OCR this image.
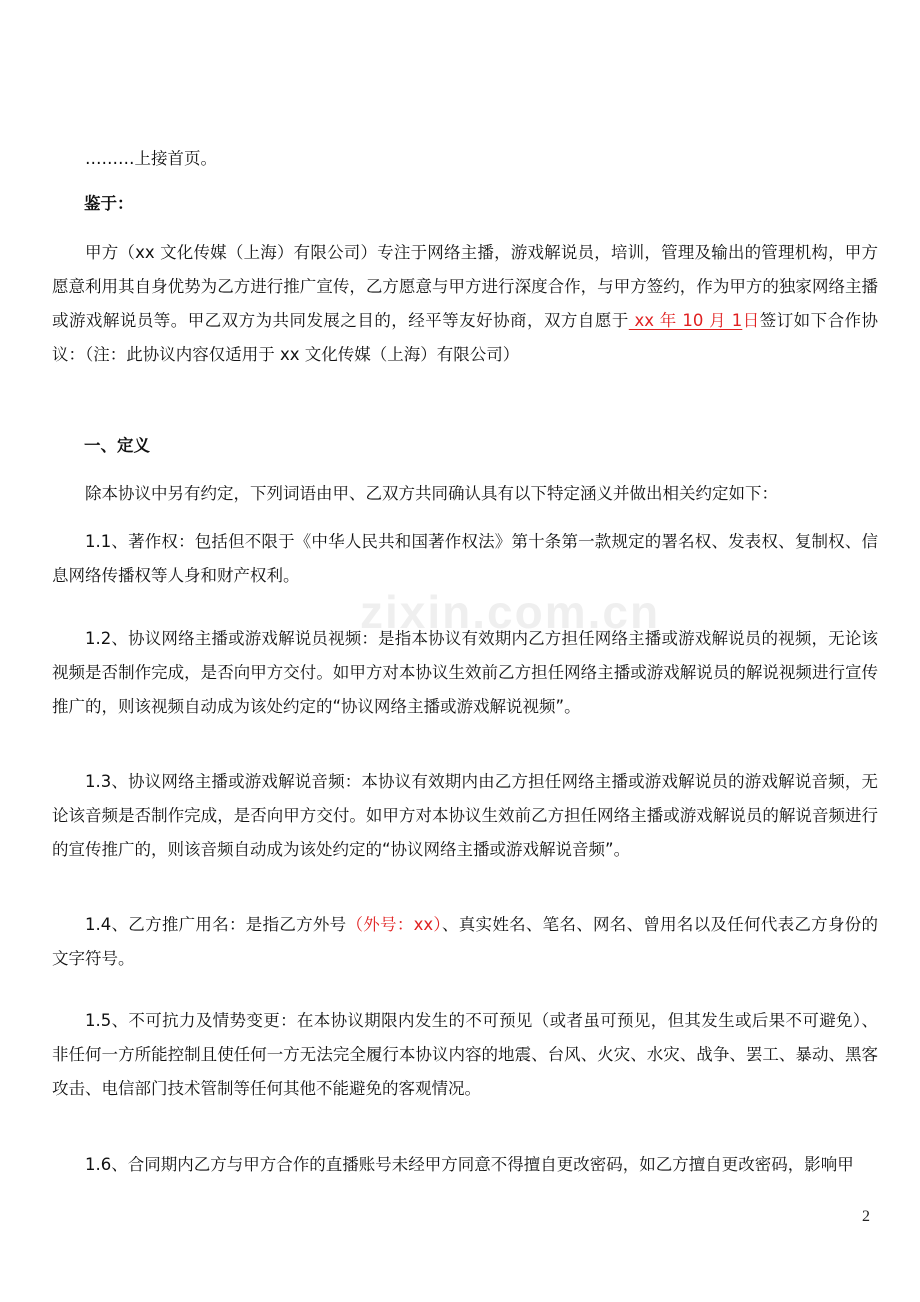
………上接首页。

鉴于：

甲方（xx 文化传媒（上海）有限公司）专注于网络主播，游戏解说员，培训，管理及输出的管理机构，甲方愿意利用其自身优势为乙方进行推广宣传，乙方愿意与甲方进行深度合作，与甲方签约，作为甲方的独家网络主播或游戏解说员等。甲乙双方为共同发展之目的，经平等友好协商，双方自愿于 xx 年 10 月 1日签订如下合作协议：（注：此协议内容仅适用于 xx 文化传媒（上海）有限公司）

一、定义

除本协议中另有约定，下列词语由甲、乙双方共同确认具有以下特定涵义并做出相关约定如下：

1.1、著作权：包括但不限于《中华人民共和国著作权法》第十条第一款规定的署名权、发表权、复制权、信息网络传播权等人身和财产权利。

1.2、协议网络主播或游戏解说员视频：是指本协议有效期内乙方担任网络主播或游戏解说员的视频，无论该视频是否制作完成，是否向甲方交付。如甲方对本协议生效前乙方担任网络主播或游戏解说员的解说视频进行宣传推广的，则该视频自动成为该处约定的“协议网络主播或游戏解说视频”。

1.3、协议网络主播或游戏解说音频：本协议有效期内由乙方担任网络主播或游戏解说员的游戏解说音频，无论该音频是否制作完成，是否向甲方交付。如甲方对本协议生效前乙方担任网络主播或游戏解说员的解说音频进行的宣传推广的，则该音频自动成为该处约定的“协议网络主播或游戏解说音频”。

1.4、乙方推广用名：是指乙方外号（外号：xx）、真实姓名、笔名、网名、曾用名以及任何代表乙方身份的文字符号。

1.5、不可抗力及情势变更：在本协议期限内发生的不可预见（或者虽可预见，但其发生或后果不可避免）、非任何一方所能控制且使任何一方无法完全履行本协议内容的地震、台风、火灾、水灾、战争、罢工、暴动、黑客攻击、电信部门技术管制等任何其他不能避免的客观情况。

1.6、合同期内乙方与甲方合作的直播账号未经甲方同意不得擅自更改密码，如乙方擅自更改密码，影响甲

zixin.com.cn
2
